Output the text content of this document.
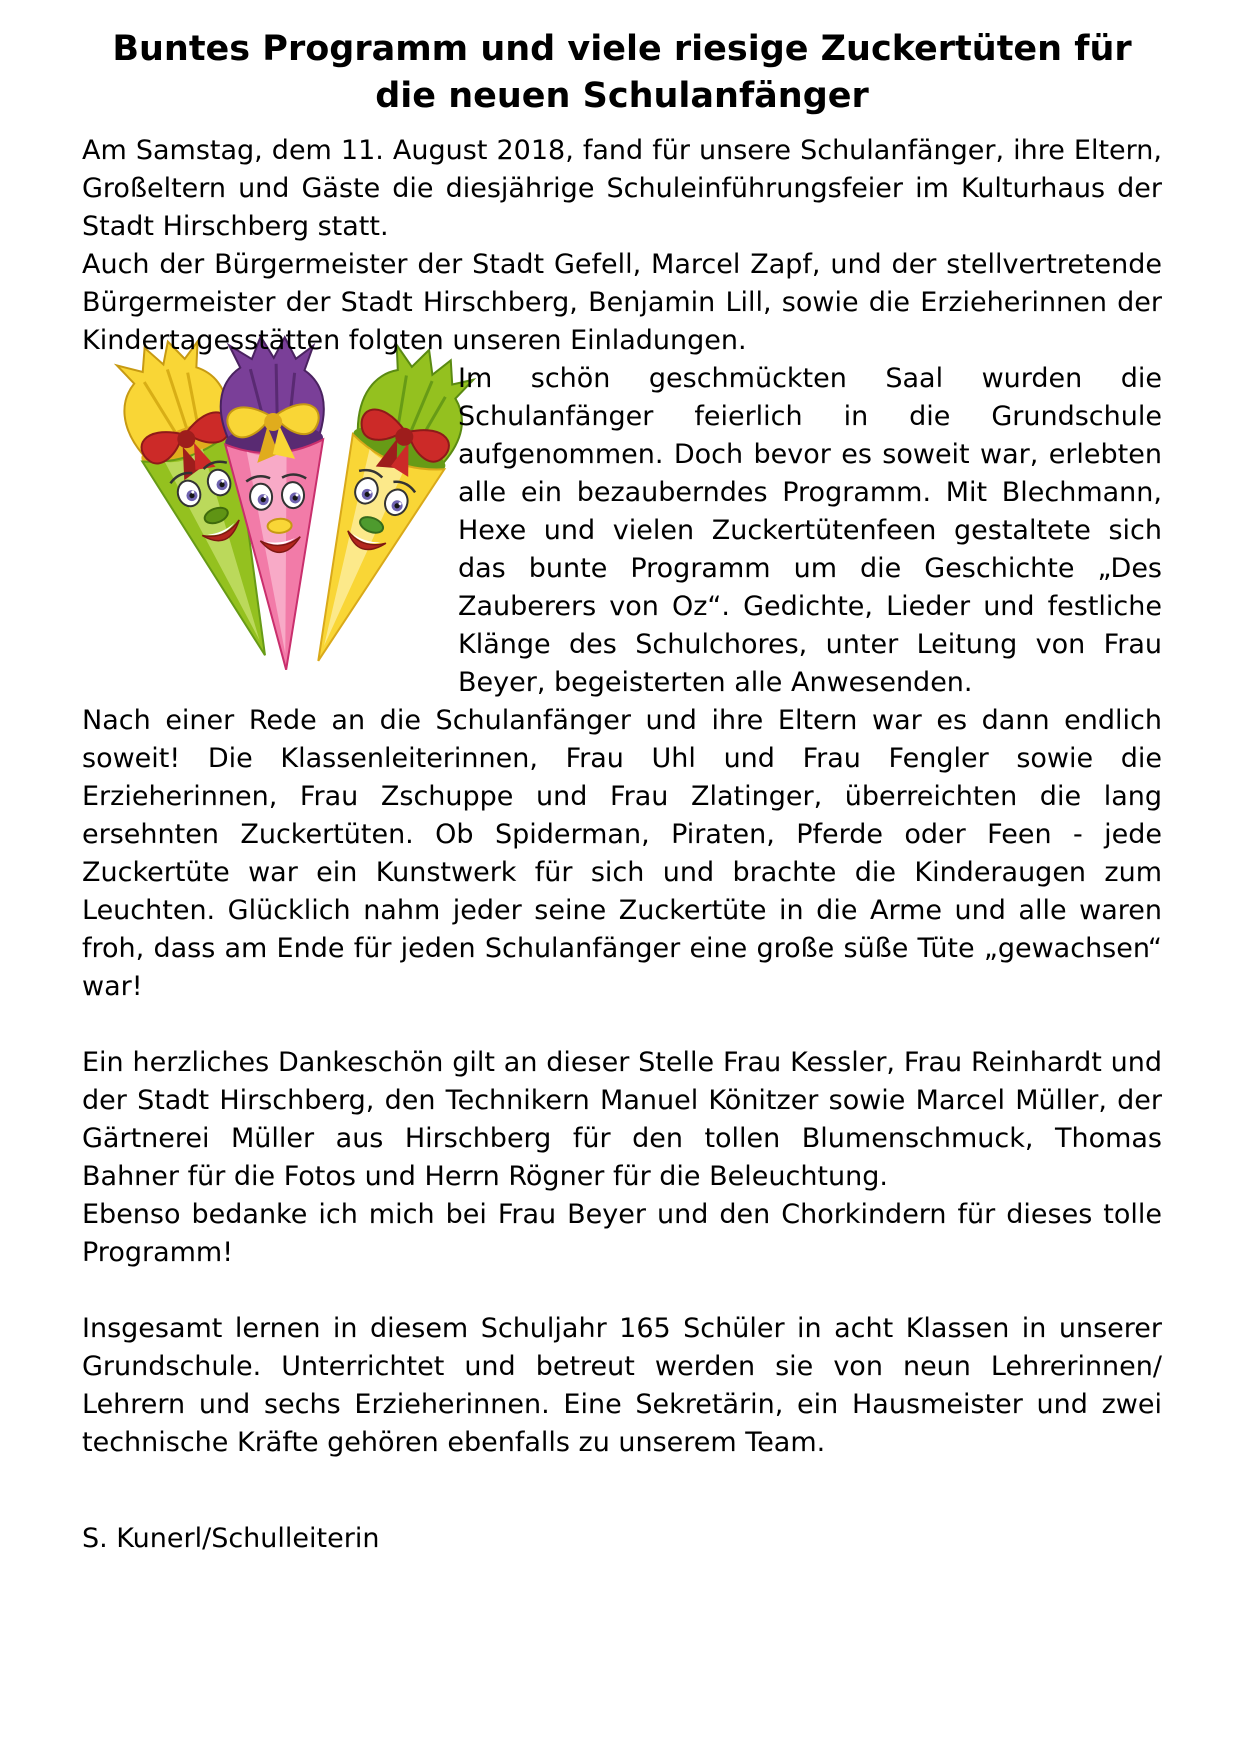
Buntes Programm und viele riesige Zuckertüten für die neuen Schulanfänger

Am Samstag, dem 11. August 2018, fand für unsere Schulanfänger, ihre Eltern, Großeltern und Gäste die diesjährige Schuleinführungsfeier im Kulturhaus der Stadt Hirschberg statt.

Auch der Bürgermeister der Stadt Gefell, Marcel Zapf, und der stellvertretende Bürgermeister der Stadt Hirschberg, Benjamin Lill, sowie die Erzieherinnen der Kindertagesstätten folgten unseren Einladungen.

Im schön geschmückten Saal wurden die Schulanfänger feierlich in die Grundschule aufgenommen. Doch bevor es soweit war, erlebten alle ein bezauberndes Programm. Mit Blechmann, Hexe und vielen Zuckertütenfeen gestaltete sich das bunte Programm um die Geschichte „Des Zauberers von Oz“. Gedichte, Lieder und festliche Klänge des Schulchores, unter Leitung von Frau Beyer, begeisterten alle Anwesenden.

Nach einer Rede an die Schulanfänger und ihre Eltern war es dann endlich soweit! Die Klassenleiterinnen, Frau Uhl und Frau Fengler sowie die Erzieherinnen, Frau Zschuppe und Frau Zlatinger, überreichten die lang ersehnten Zuckertüten. Ob Spiderman, Piraten, Pferde oder Feen - jede Zuckertüte war ein Kunstwerk für sich und brachte die Kinderaugen zum Leuchten. Glücklich nahm jeder seine Zuckertüte in die Arme und alle waren froh, dass am Ende für jeden Schulanfänger eine große süße Tüte „gewachsen“ war!

Ein herzliches Dankeschön gilt an dieser Stelle Frau Kessler, Frau Reinhardt und der Stadt Hirschberg, den Technikern Manuel Könitzer sowie Marcel Müller, der Gärtnerei Müller aus Hirschberg für den tollen Blumenschmuck, Thomas Bahner für die Fotos und Herrn Rögner für die Beleuchtung.

Ebenso bedanke ich mich bei Frau Beyer und den Chorkindern für dieses tolle Programm!

Insgesamt lernen in diesem Schuljahr 165 Schüler in acht Klassen in unserer Grundschule. Unterrichtet und betreut werden sie von neun Lehrerinnen/ Lehrern und sechs Erzieherinnen. Eine Sekretärin, ein Hausmeister und zwei technische Kräfte gehören ebenfalls zu unserem Team.

S. Kunerl/Schulleiterin
